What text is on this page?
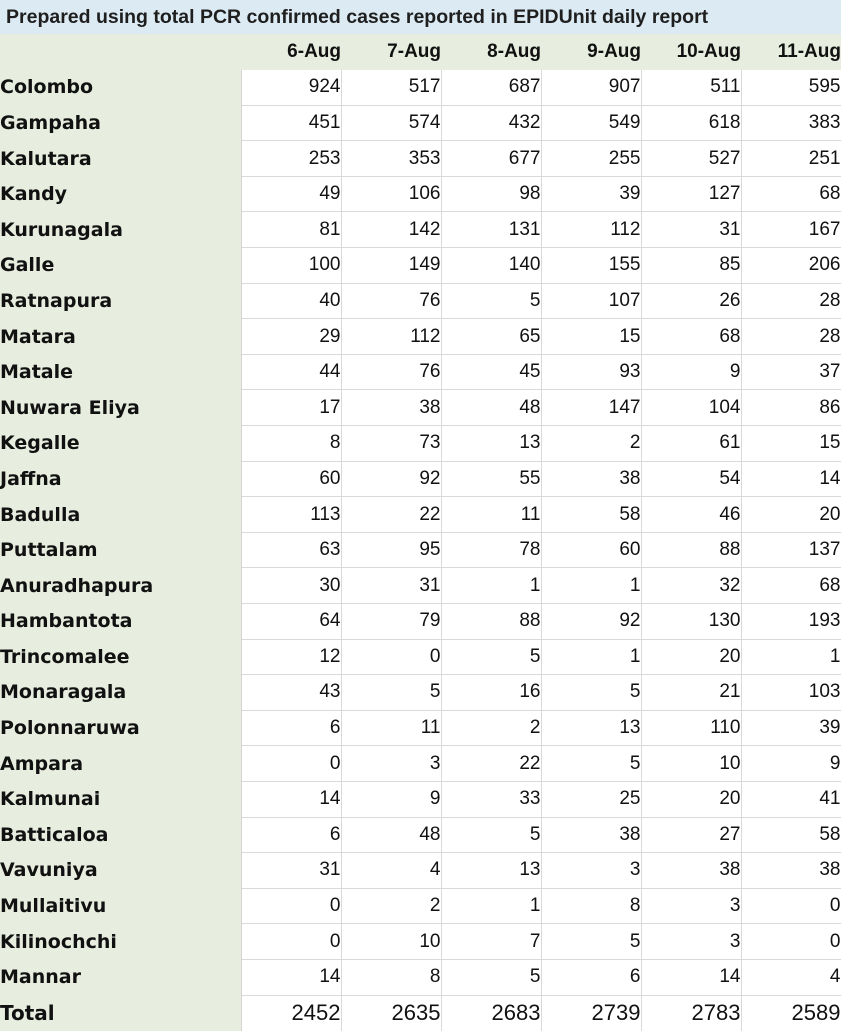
Prepared using total PCR confirmed cases reported in EPIDUnit daily report
	6-Aug	7-Aug	8-Aug	9-Aug	10-Aug	11-Aug
Colombo	924	517	687	907	511	595
Gampaha	451	574	432	549	618	383
Kalutara	253	353	677	255	527	251
Kandy	49	106	98	39	127	68
Kurunagala	81	142	131	112	31	167
Galle	100	149	140	155	85	206
Ratnapura	40	76	5	107	26	28
Matara	29	112	65	15	68	28
Matale	44	76	45	93	9	37
Nuwara Eliya	17	38	48	147	104	86
Kegalle	8	73	13	2	61	15
Jaffna	60	92	55	38	54	14
Badulla	113	22	11	58	46	20
Puttalam	63	95	78	60	88	137
Anuradhapura	30	31	1	1	32	68
Hambantota	64	79	88	92	130	193
Trincomalee	12	0	5	1	20	1
Monaragala	43	5	16	5	21	103
Polonnaruwa	6	11	2	13	110	39
Ampara	0	3	22	5	10	9
Kalmunai	14	9	33	25	20	41
Batticaloa	6	48	5	38	27	58
Vavuniya	31	4	13	3	38	38
Mullaitivu	0	2	1	8	3	0
Kilinochchi	0	10	7	5	3	0
Mannar	14	8	5	6	14	4
Total	2452	2635	2683	2739	2783	2589
